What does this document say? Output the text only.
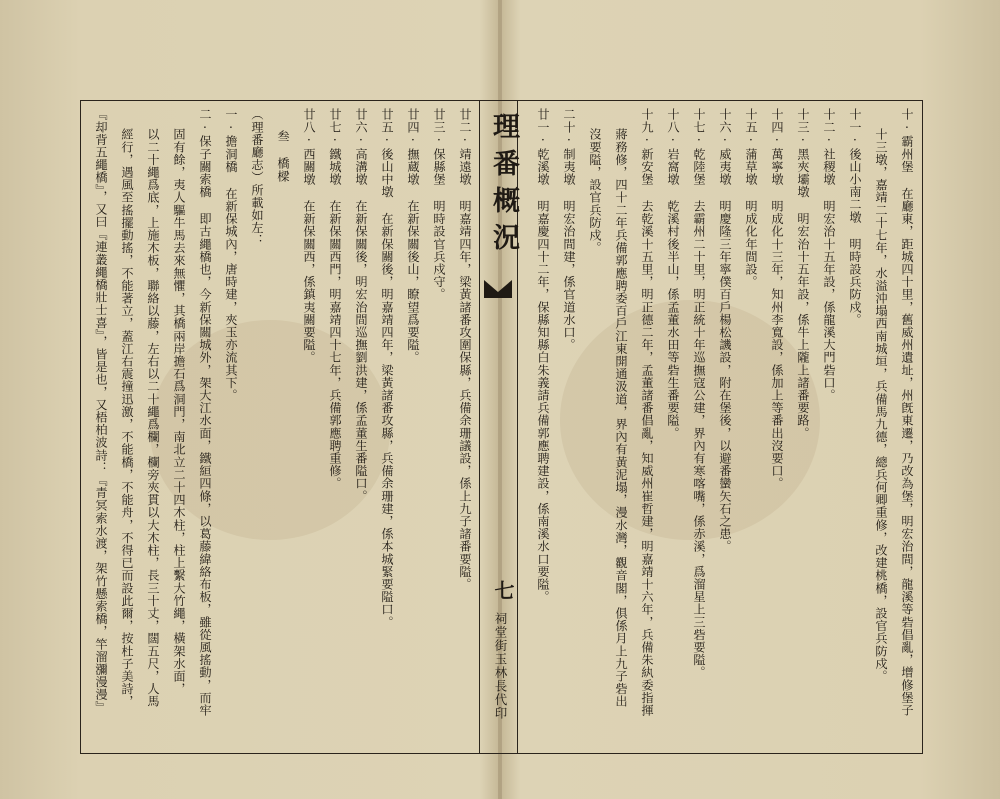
理番概況
七
祠堂街玉林長代印	十·霸州堡 在廳東，距城四十里，舊威州遺址，州旣東遷，乃改為堡，明宏治間，龍溪等砦倡亂，增修堡子
十三墩，嘉靖二十七年，水溢沖塌西南城垣，兵備馬九德，總兵何卿重修，改建桃橋，設官兵防戍。
十一·後山小南二墩 明時設兵防戍。
十二·社稷墩 明宏治十五年設，係龍溪大門砦口。
十三·黑夾壩墩 明宏治十五年設，係牛上隴上諸番要路。
十四·萬寧墩 明成化十三年，知州李寬設，係加上等番出沒要口。
十五·蒲草墩 明成化年間設。
十六·威夷墩 明慶隆三年寧僕百戶楊松譏設，附在堡後，以避番蠻矢石之患。
十七·乾陸堡 去霸州二十里，明正統十年巡撫寇公建，界內有寒喀嘴，係赤溪，爲溜星上三砦要隘。
十八·岩窩墩 乾溪村後半山，係孟董水田等砦生番要隘。
十九·新安堡 去乾溪十五里，明正德二年，孟董諸番倡亂，知威州崔哲建，明嘉靖十六年，兵備朱紈委指揮
蔣務修，四十二年兵備郭應聘委百戶江東開通汲道，界內有黃泥塌，漫水灣，觀音閣，俱係月上九子砦出
沒要隘，設官兵防戍。
二十·制夷墩 明宏治間建，係官道水口。
廿一·乾溪墩 明嘉慶四十二年，保縣知縣白朱義請兵備郭應聘建設，係南溪水口要隘。
廿二·靖遠墩 明嘉靖四年，梁黃諸番攻圍保縣，兵備余珊議設，係上九子諸番要隘。
廿三·保縣堡 明時設官兵戍守。
廿四·撫蔵墩 在新保關後山，瞭望爲要隘。
廿五·後山中墩 在新保關後，明嘉靖四年，梁黃諸番攻縣，兵備余珊建，係本城緊要隘口。
廿六·高溝墩 在新保關後，明宏治間巡撫劉洪建，係孟董生番隘口。
廿七·鐵城墩 在新保關西門，明嘉靖四十七年，兵備郭應聘重修。
廿八·西關墩 在新保關西，係鎮夷關要隘。
叁 橋樑
（理番廳志）所載如左：
一·擔洞橋 在新保城內，唐時建，夾玉亦流其下。
二·保子關索橋 即古繩橋也，今新保關城外，架大江水面，鐵絙四條，以葛藤緯絡布板，雖從風搖動，而牢
固有餘，夷人驅牛馬去來無懼，其橋兩岸擔石爲洞門，南北立二十四木柱，柱上繫大竹繩，橫架水面，
以二十繩爲底，上施木板，聯絡以藤，左右以二十繩爲欄，欄旁夾貫以大木柱，長三十丈，闊五尺，人馬
經行，遇風至搖擺動搖，不能著立，蓋江右震撞迅激，不能橋，不能舟，不得已而設此爾，按杜子美詩，
『却背五繩橋』，又曰『連叢繩橋壯士喜』，皆是也，又梧柏波詩：『青冥索水渡，架竹懸索橋，竿溜瀰漫漫』
